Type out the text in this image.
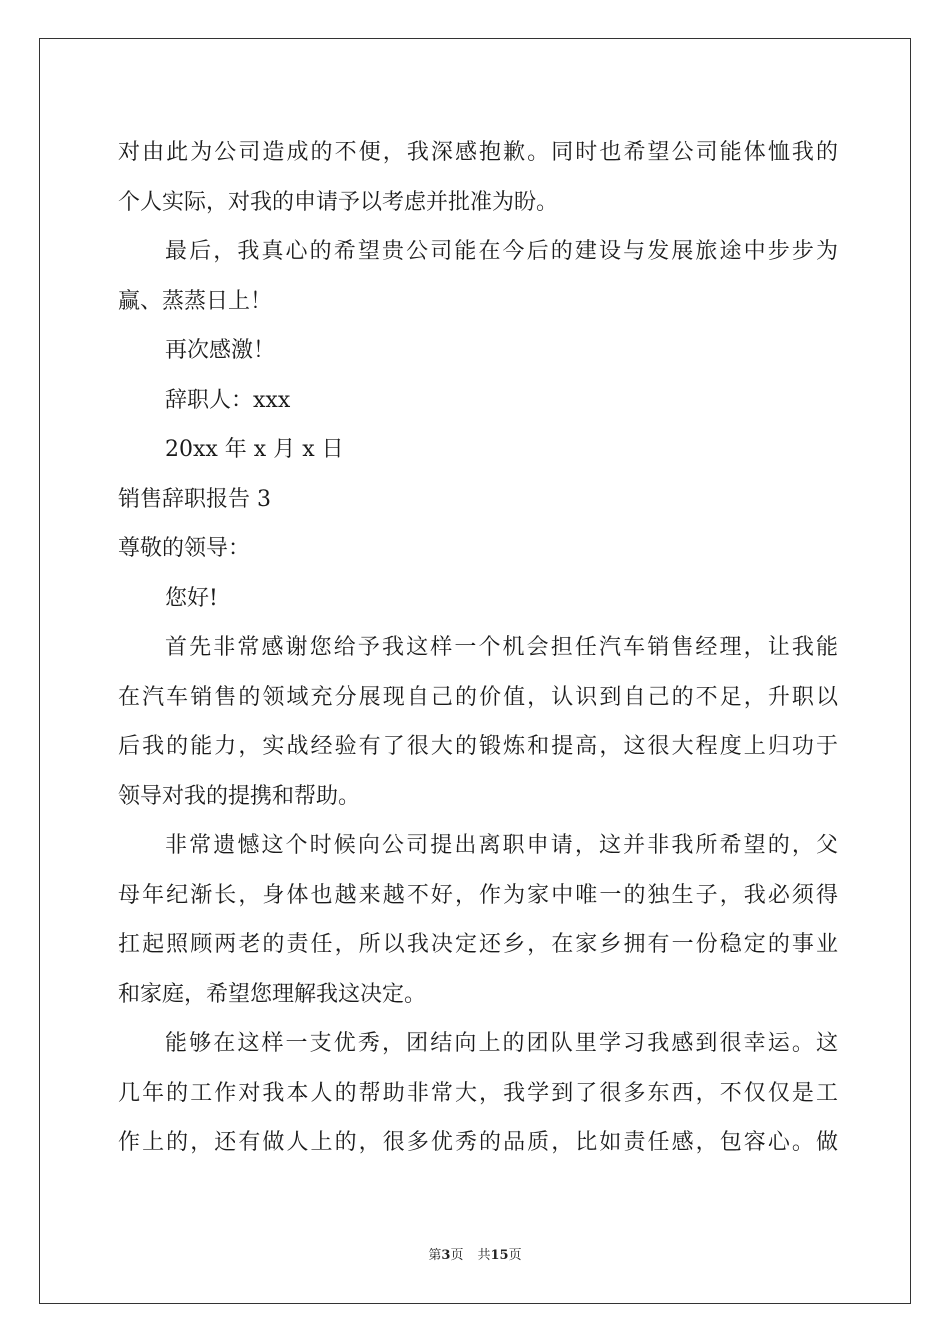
对由此为公司造成的不便，我深感抱歉。同时也希望公司能体恤我的
个人实际，对我的申请予以考虑并批准为盼。
最后，我真心的希望贵公司能在今后的建设与发展旅途中步步为
赢、蒸蒸日上！
再次感激！
辞职人：xxx
20xx 年 x 月 x 日
销售辞职报告 3
尊敬的领导：
您好!
首先非常感谢您给予我这样一个机会担任汽车销售经理，让我能
在汽车销售的领域充分展现自己的价值，认识到自己的不足，升职以
后我的能力，实战经验有了很大的锻炼和提高，这很大程度上归功于
领导对我的提携和帮助。
非常遗憾这个时候向公司提出离职申请，这并非我所希望的，父
母年纪渐长，身体也越来越不好，作为家中唯一的独生子，我必须得
扛起照顾两老的责任，所以我决定还乡，在家乡拥有一份稳定的事业
和家庭，希望您理解我这决定。
能够在这样一支优秀，团结向上的团队里学习我感到很幸运。这
几年的工作对我本人的帮助非常大，我学到了很多东西，不仅仅是工
作上的，还有做人上的，很多优秀的品质，比如责任感，包容心。做
第3页 共15页
